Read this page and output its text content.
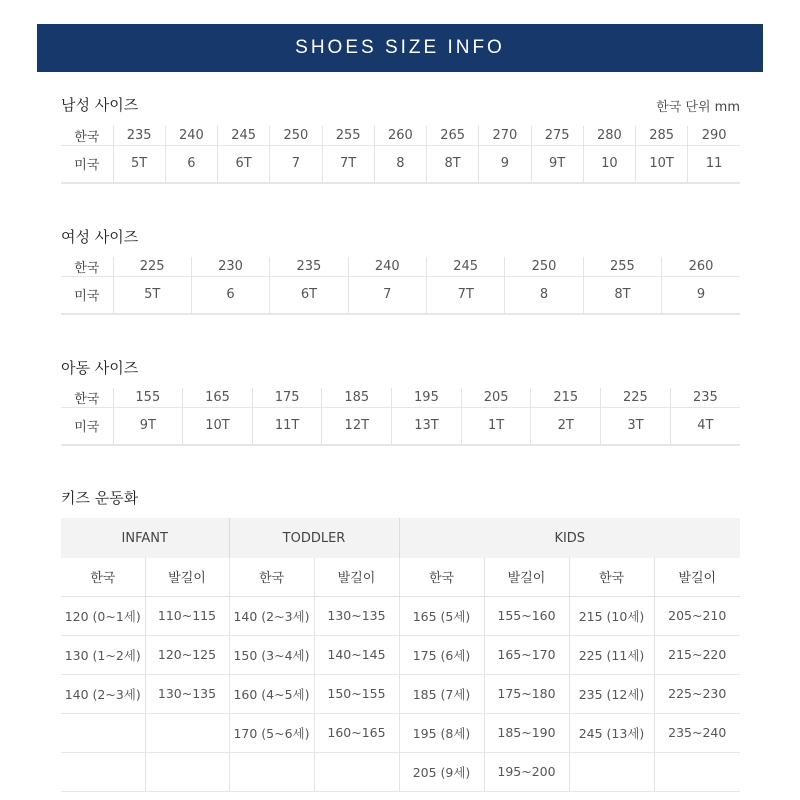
SHOES SIZE INFO
남성 사이즈	한국 단위 mm
한국	235	240	245	250	255	260	265	270	275	280	285	290
미국	5T	6	6T	7	7T	8	8T	9	9T	10	10T	11
여성 사이즈
한국	225	230	235	240	245	250	255	260
미국	5T	6	6T	7	7T	8	8T	9
아동 사이즈
한국	155	165	175	185	195	205	215	225	235
미국	9T	10T	11T	12T	13T	1T	2T	3T	4T
키즈 운동화
INFANT		TODDLER		KIDS			
한국	발길이	한국	발길이	한국	발길이	한국	발길이
120 (0~1세)	110~115	140 (2~3세)	130~135	165 (5세)	155~160	215 (10세)	205~210
130 (1~2세)	120~125	150 (3~4세)	140~145	175 (6세)	165~170	225 (11세)	215~220
140 (2~3세)	130~135	160 (4~5세)	150~155	185 (7세)	175~180	235 (12세)	225~230
		170 (5~6세)	160~165	195 (8세)	185~190	245 (13세)	235~240
				205 (9세)	195~200		
